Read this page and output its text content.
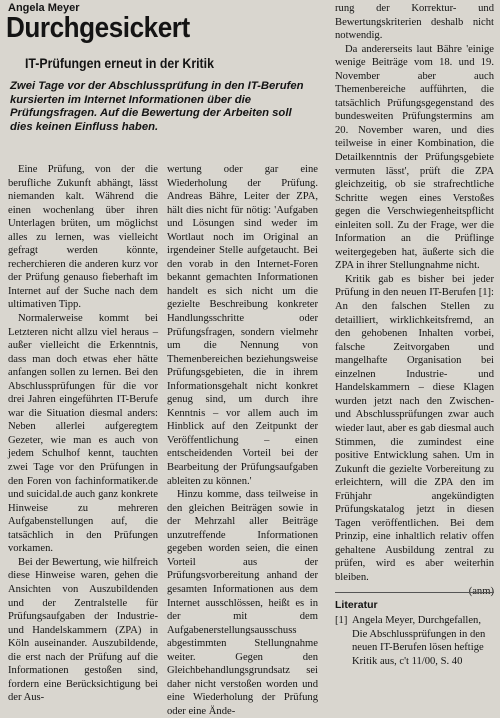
Angela Meyer
Durchgesickert
IT-Prüfungen erneut in der Kritik
Zwei Tage vor der Abschlussprüfung in den IT-Berufen kursierten im Internet Informationen über die Prüfungsfragen. Auf die Bewertung der Arbeiten soll dies keinen Einfluss haben.

Eine Prüfung, von der die berufliche Zukunft abhängt, lässt niemanden kalt. Während die einen wochenlang über ihren Unterlagen brüten, um möglichst alles zu lernen, was vielleicht gefragt werden könnte, recherchieren die anderen kurz vor der Prüfung genauso fieberhaft im Internet auf der Suche nach dem ultimativen Tipp.

Normalerweise kommt bei Letzteren nicht allzu viel heraus – außer vielleicht die Erkenntnis, dass man doch etwas eher hätte anfangen sollen zu lernen. Bei den Abschlussprüfungen für die vor drei Jahren eingeführten IT-Berufe war die Situation diesmal anders: Neben allerlei aufgeregtem Gezeter, wie man es auch von jedem Schulhof kennt, tauchten zwei Tage vor den Prüfungen in den Foren von fachinformatiker.de und suicidal.de auch ganz konkrete Hinweise zu mehreren Aufgabenstellungen auf, die tatsächlich in den Prüfungen vorkamen.

Bei der Bewertung, wie hilfreich diese Hinweise waren, gehen die Ansichten von Auszubildenden und der Zentralstelle für Prüfungsaufgaben der Industrie- und Handelskammern (ZPA) in Köln auseinander. Auszubildende, die erst nach der Prüfung auf die Informationen gestoßen sind, fordern eine Berücksichtigung bei der Aus-

wertung oder gar eine Wiederholung der Prüfung. Andreas Bähre, Leiter der ZPA, hält dies nicht für nötig: 'Aufgaben und Lösungen sind weder im Wortlaut noch im Original an irgendeiner Stelle aufgetaucht. Bei den vorab in den Internet-Foren bekannt gemachten Informationen handelt es sich nicht um die gezielte Beschreibung konkreter Handlungsschritte oder Prüfungsfragen, sondern vielmehr um die Nennung von Themenbereichen beziehungsweise Prüfungsgebieten, die in ihrem Informationsgehalt nicht konkret genug sind, um durch ihre Kenntnis – vor allem auch im Hinblick auf den Zeitpunkt der Veröffentlichung – einen entscheidenden Vorteil bei der Bearbeitung der Prüfungsaufgaben ableiten zu können.'

Hinzu komme, dass teilweise in den gleichen Beiträgen sowie in der Mehrzahl aller Beiträge unzutreffende Informationen gegeben worden seien, die einen Vorteil aus der Prüfungsvorbereitung anhand der gesamten Informationen aus dem Internet ausschlössen, heißt es in der mit dem Aufgabenerstellungsausschuss abgestimmten Stellungnahme weiter. Gegen den Gleichbehandlungsgrundsatz sei daher nicht verstoßen worden und eine Wiederholung der Prüfung oder eine Ände-

rung der Korrektur- und Bewertungskriterien deshalb nicht notwendig.

Da andererseits laut Bähre 'einige wenige Beiträge vom 18. und 19. November aber auch Themenbereiche aufführten, die tatsächlich Prüfungsgegenstand des bundesweiten Prüfungstermins am 20. November waren, und dies teilweise in einer Kombination, die Detailkenntnis der Prüfungsgebiete vermuten lässt', prüft die ZPA gleichzeitig, ob sie strafrechtliche Schritte wegen eines Verstoßes gegen die Verschwiegenheitspflicht einleiten soll. Zu der Frage, wer die Information an die Prüflinge weitergegeben hat, äußerte sich die ZPA in ihrer Stellungnahme nicht.

Kritik gab es bisher bei jeder Prüfung in den neuen IT-Berufen [1]: An den falschen Stellen zu detailliert, wirklichkeitsfremd, an den gehobenen Inhalten vorbei, falsche Zeitvorgaben und mangelhafte Organisation bei einzelnen Industrie- und Handelskammern – diese Klagen wurden jetzt nach den Zwischen- und Abschlussprüfungen zwar auch wieder laut, aber es gab diesmal auch Stimmen, die zumindest eine positive Entwicklung sahen. Um in Zukunft die gezielte Vorbereitung zu erleichtern, will die ZPA den im Frühjahr angekündigten Prüfungskatalog jetzt in diesen Tagen veröffentlichen. Bei dem Prinzip, eine inhaltlich relativ offen gehaltene Ausbildung zentral zu prüfen, wird es aber weiterhin bleiben.

Literatur
[1] Angela Meyer, Durchgefallen, Die Abschlussprüfungen in den neuen IT-Berufen lösen heftige Kritik aus, c't 11/00, S. 40
